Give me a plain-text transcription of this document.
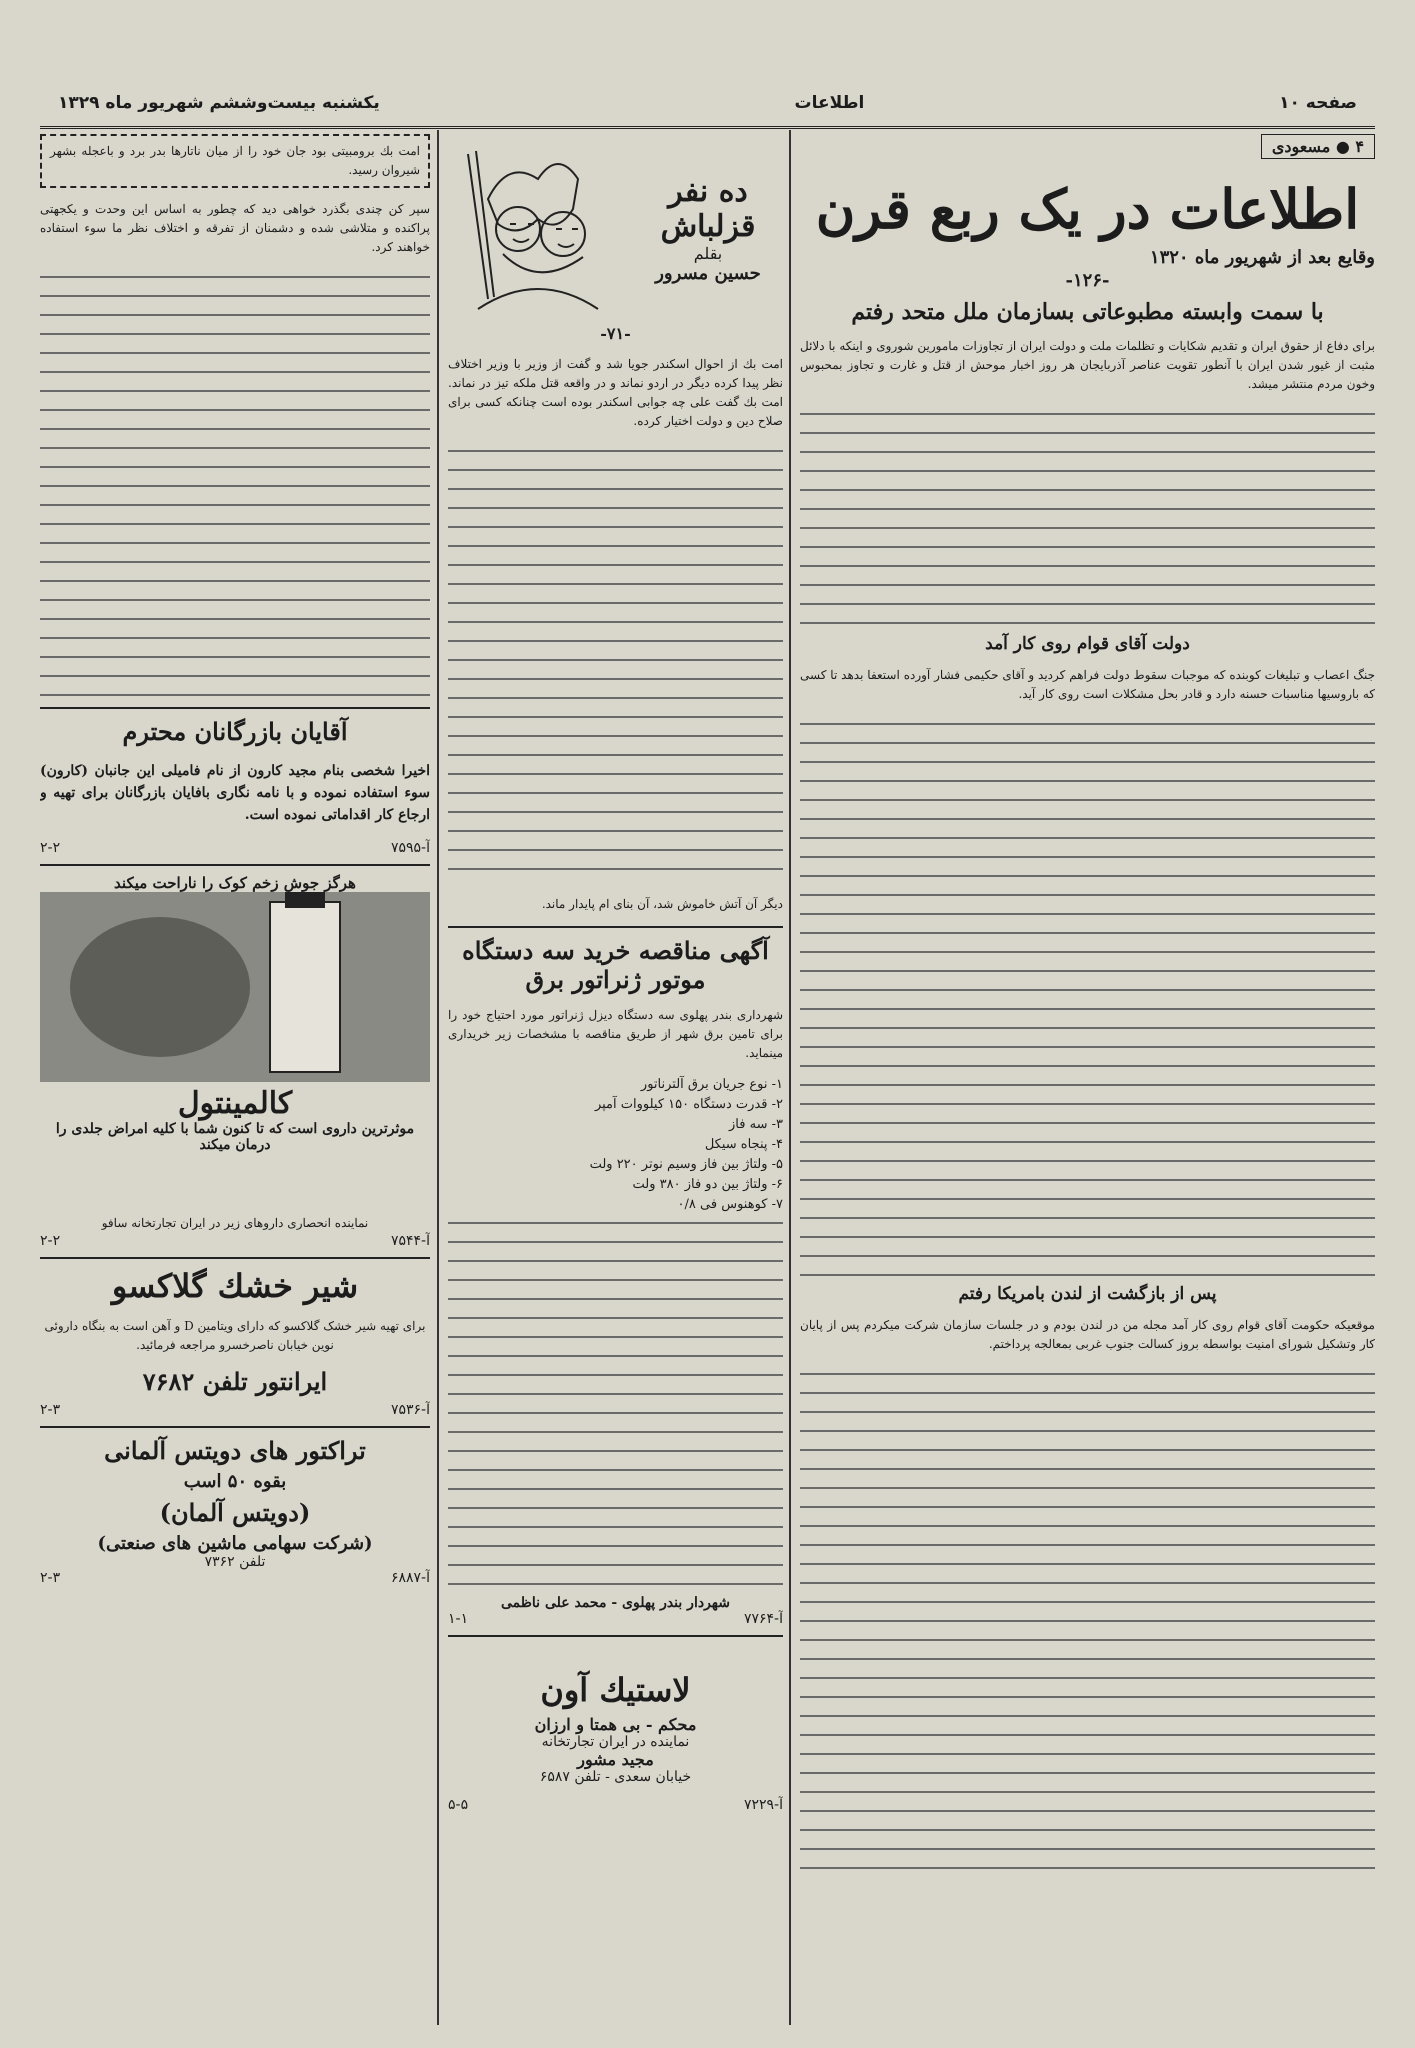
صفحه ۱۰
اطلاعات
یکشنبه بیست‌وششم شهریور ماه ۱۳۲۹
۴ ● مسعودی
اطلاعات در یک ربع قرن
وقایع بعد از شهریور ماه ۱۳۲۰
-۱۲۶-
با سمت وابسته مطبوعاتی بسازمان ملل متحد رفتم

برای دفاع از حقوق ایران و تقدیم شکایات و تظلمات ملت و دولت ایران از تجاوزات مامورین شوروی و اینکه با دلائل مثبت از غیور شدن ایران با آنطور تقویت عناصر آذربایجان هر روز اخبار موحش از قتل و غارت و تجاوز بمحبوس وخون مردم منتشر میشد.

دولت آقای قوام روی کار آمد

جنگ اعصاب و تبلیغات کوبنده که موجبات سقوط دولت فراهم کردید و آقای حکیمی فشار آورده استعفا بدهد تا کسی که باروسیها مناسبات حسنه دارد و قادر بحل مشکلات است روی کار آید.

پس از بازگشت از لندن بامریکا رفتم

موقعیکه حکومت آقای قوام روی کار آمد مجله من در لندن بودم و در جلسات سازمان شرکت میکردم پس از پایان کار وتشکیل شورای امنیت بواسطه بروز کسالت جنوب غربی بمعالجه پرداختم.

ده نفر قزلباش
بقلم
حسین مسرور
-۷۱-

امت بك از احوال اسکندر جویا شد و گفت از وزیر با وزیر اختلاف نظر پیدا کرده دیگر در اردو نماند و در واقعه قتل ملکه تیز در نماند. امت بك گفت علی چه جوابی اسکندر بوده است چنانکه کسی برای صلاح دین و دولت اختیار کرده.

دیگر آن آتش خاموش شد، آن بنای ام پایدار ماند.

آگهی مناقصه خرید سه دستگاه موتور ژنراتور برق

شهرداری بندر پهلوی سه دستگاه دیزل ژنراتور مورد احتیاج خود را برای تامین برق شهر از طریق مناقصه با مشخصات زیر خریداری مینماید.

۱- نوع جریان برق آلترناتور
۲- قدرت دستگاه ۱۵۰ کیلووات آمپر
۳- سه فاز
۴- پنجاه سیکل
۵- ولتاژ بین فاز وسیم نوتر ۲۲۰ ولت
۶- ولتاژ بین دو فاز ۳۸۰ ولت
۷- کوهنوس فی ۰/۸
شهردار بندر پهلوی - محمد علی ناظمی
آ-۷۷۶۴
۱-۱
لاستیك آون
محکم - بی همتا و ارزان
نماینده در ایران تجارتخانه
مجید مشور
خیابان سعدی - تلفن ۶۵۸۷
آ-۷۲۲۹
۵-۵
امت بك برومبیتی بود جان خود را از میان ناتارها بدر برد و باعجله بشهر شیروان رسید.

سپر کن چندی بگذرد خواهی دید که چطور به اساس این وحدت و یکجهتی پراکنده و متلاشی شده و دشمنان از تفرقه و اختلاف نظر ما سوء استفاده خواهند کرد.

آقایان بازرگانان محترم

اخیرا شخصی بنام مجید کارون از نام فامیلی این جانبان (کارون) سوء استفاده نموده و با نامه نگاری بافایان بازرگانان برای تهیه و ارجاع کار اقداماتی نموده است.

آ-۷۵۹۵
۲-۲
هرگز جوش زخم کوک را ناراحت میکند
کالمینتول
موثرترین داروی است که تا کنون شما با کلیه امراض جلدی را درمان میکند
نماینده انحصاری داروهای زیر در ایران تجارتخانه سافو
آ-۷۵۴۴
۲-۲
شیر خشك گلاکسو

برای تهیه شیر خشک گلاکسو که دارای ویتامین D و آهن است به بنگاه داروئی نوین خیابان ناصرخسرو مراجعه فرمائید.

ایرانتور تلفن ۷۶۸۲
آ-۷۵۳۶
۲-۳
تراکتور های دویتس آلمانی
بقوه ۵۰ اسب
(دویتس آلمان)
(شرکت سهامی ماشین های صنعتی)
تلفن ۷۳۶۲
آ-۶۸۸۷
۲-۳
